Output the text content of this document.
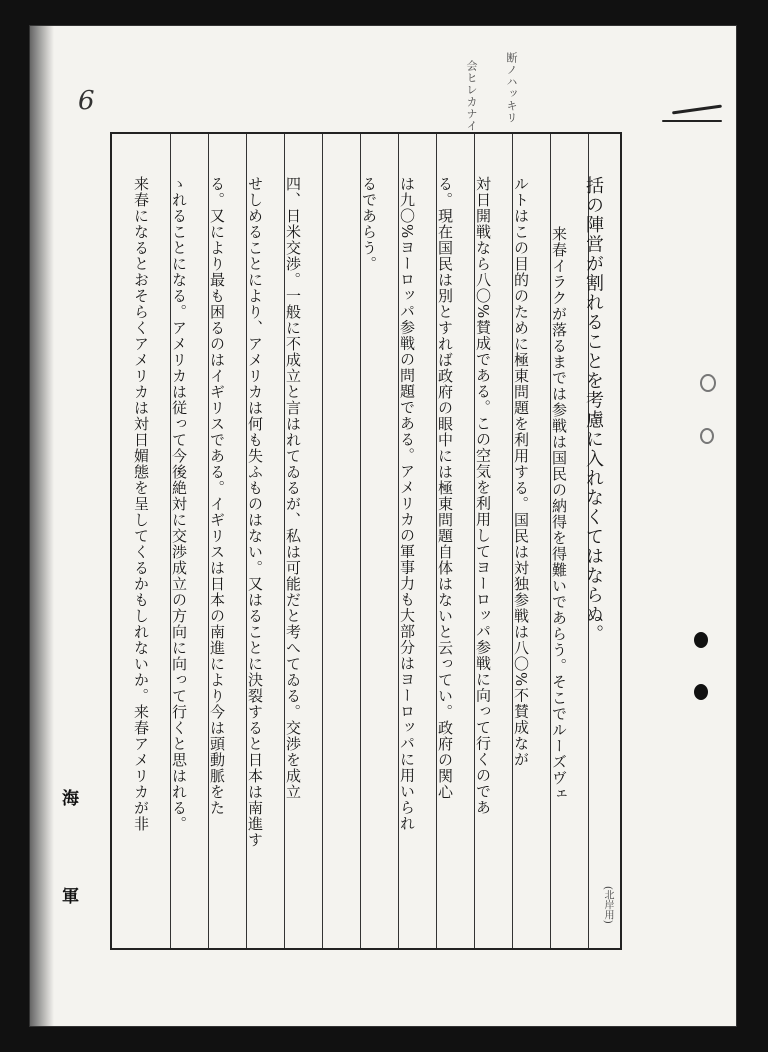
6	断ノハッキリ
会ヒレカナイ
括の陣営が割れることを考慮に入れなくてはならぬ。
来春イラクが落るまでは参戦は国民の納得を得難いであらう。そこでルーズヴェ
ルトはこの目的のために極東問題を利用する。国民は対独参戦は八〇%不賛成なが
対日開戦なら八〇%賛成である。この空気を利用してヨーロッパ参戦に向って行くのであ
る。現在国民は別とすれば政府の眼中には極東問題自体はないと云ってい。政府の関心
は九〇%ヨーロッパ参戦の問題である。アメリカの軍事力も大部分はヨーロッパに用いられ
るであらう。
四、日米交渉。一般に不成立と言はれてゐるが、私は可能だと考へてゐる。交渉を成立
せしめることにより、アメリカは何も失ふものはない。又はることに決裂すると日本は南進す
る。又により最も困るのはイギリスである。イギリスは日本の南進により今は頭動脈をた
ゝれることになる。アメリカは従って今後絶対に交渉成立の方向に向って行くと思はれる。
来春になるとおそらくアメリカは対日媚態を呈してくるかもしれないか。来春アメリカが非
海
軍	(北岸用)
